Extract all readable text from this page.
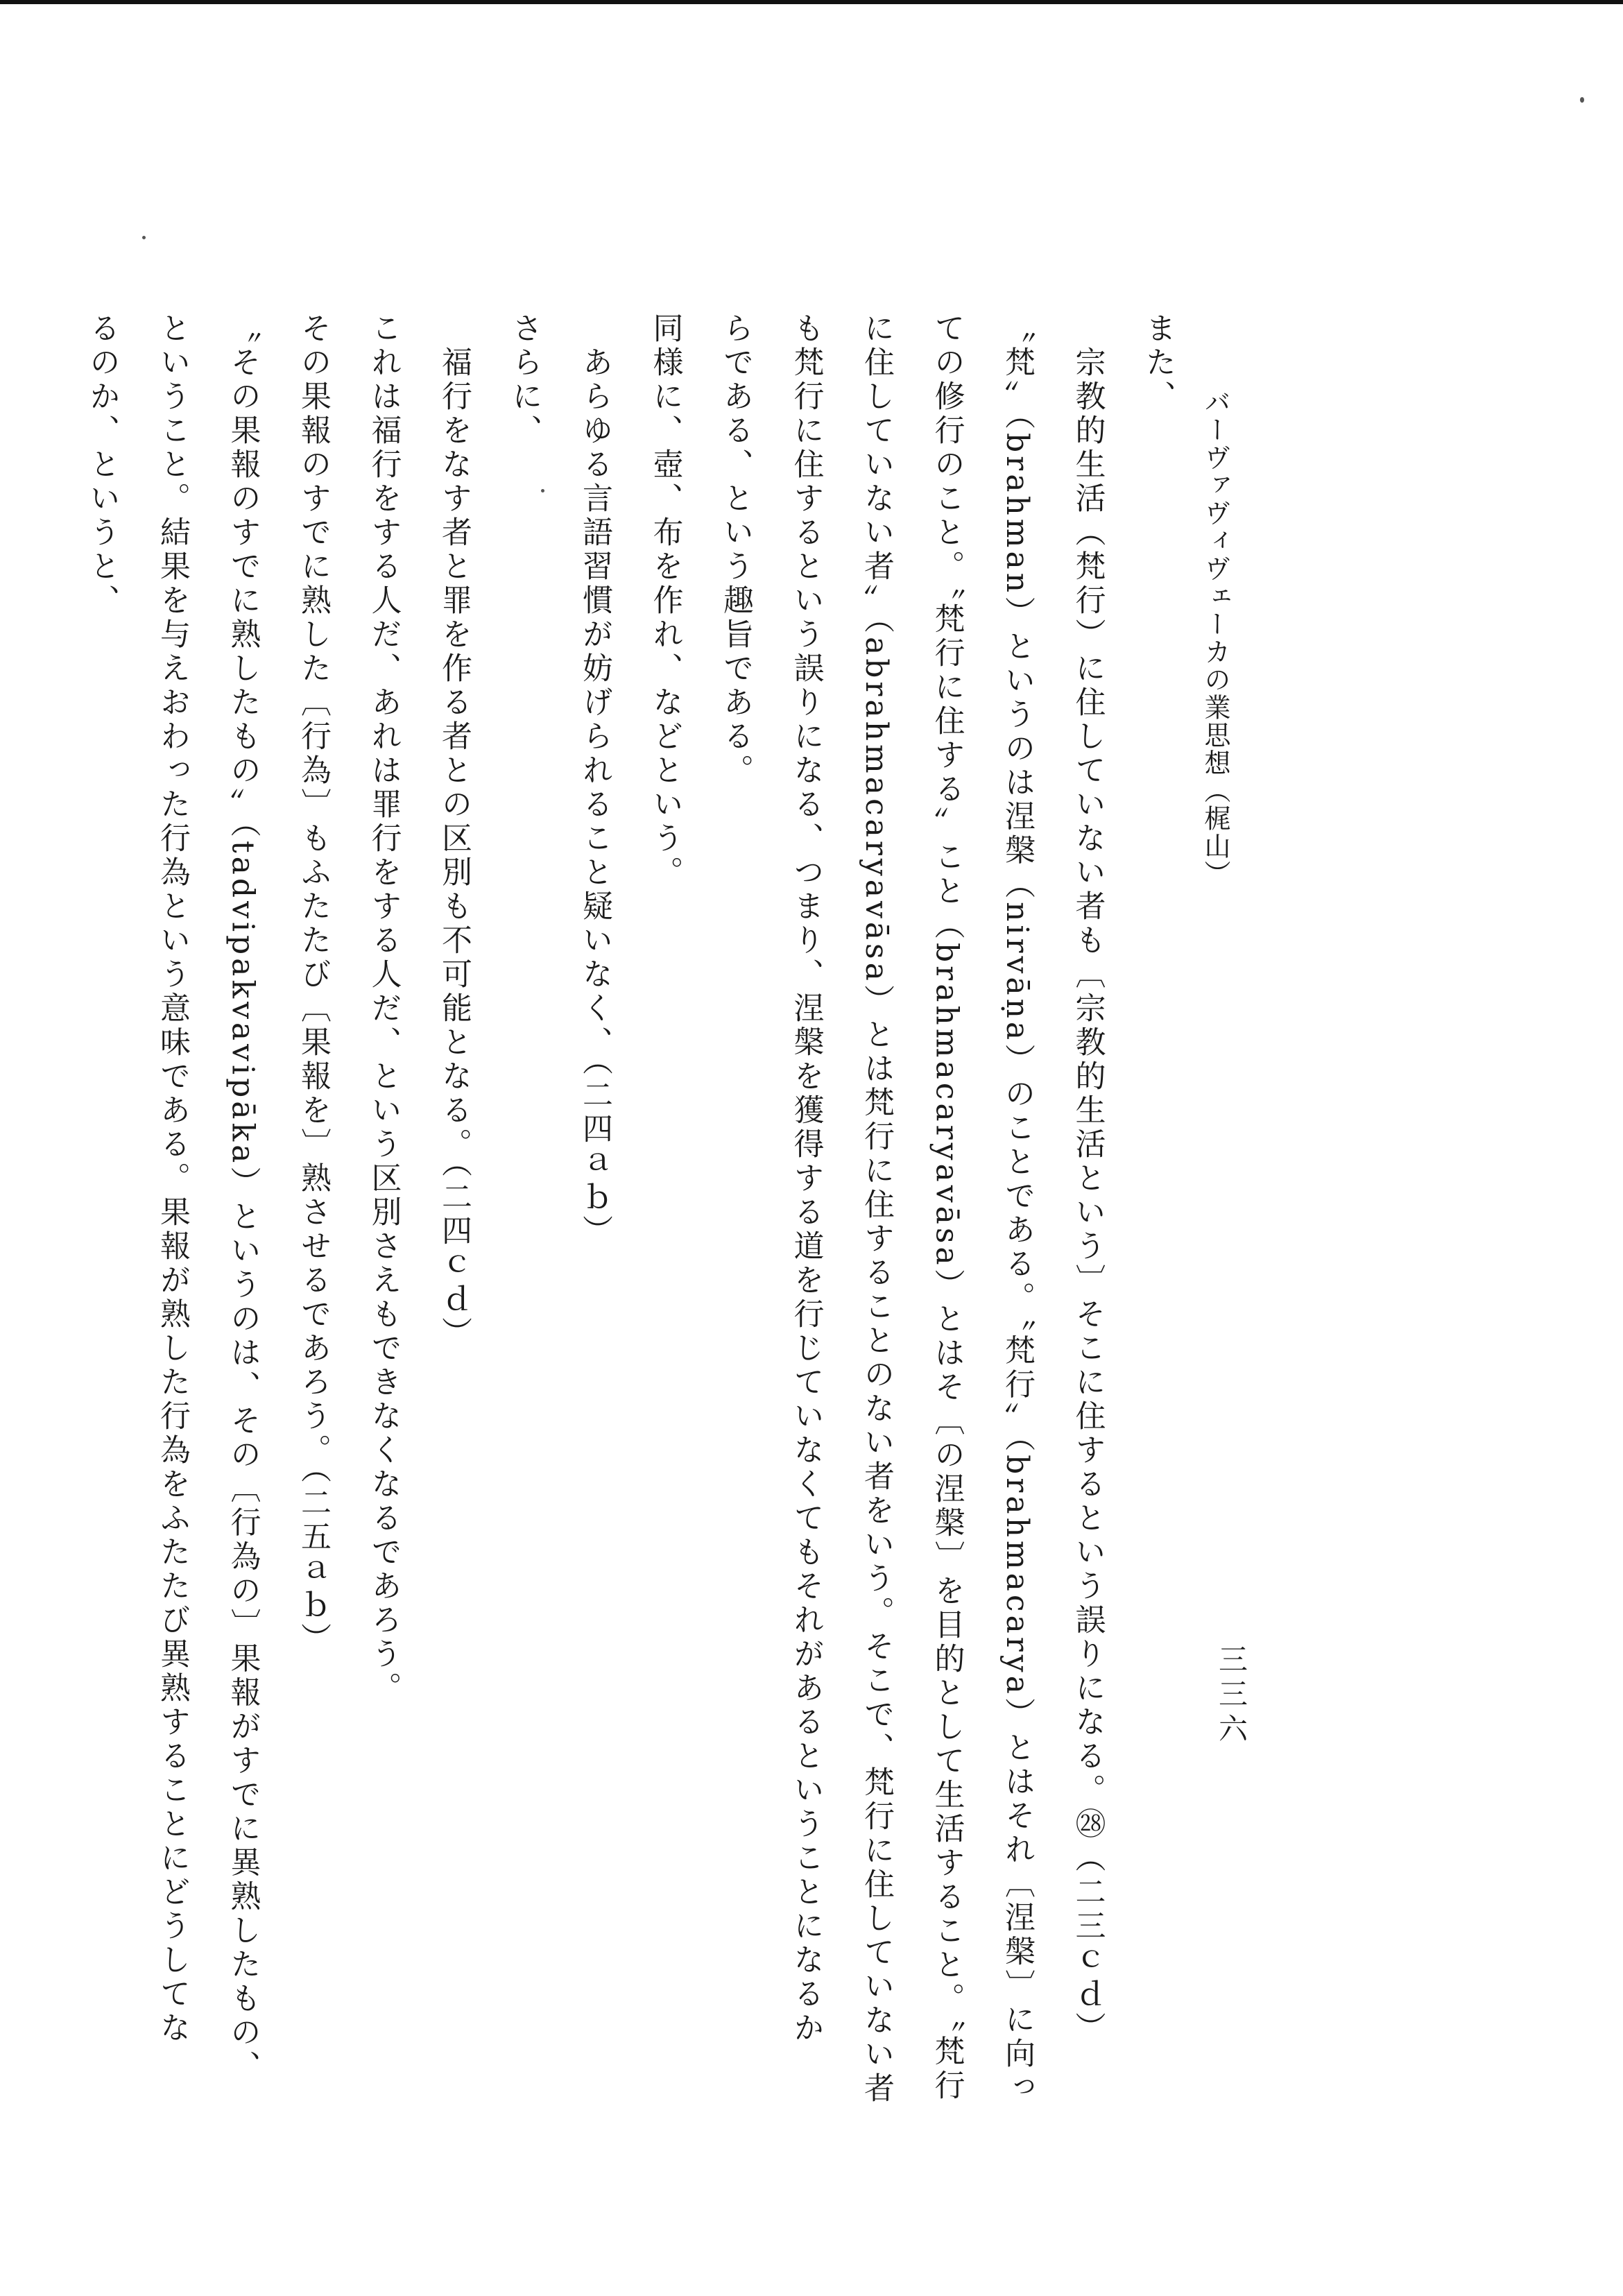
バーヴァヴィヴェーカの業思想（梶山）
三三六
また、
宗教的生活（梵行）に住していない者も〔宗教的生活という〕そこに住するという誤りになる。㉘（二三ｃｄ）
〝梵〟（brahman）というのは涅槃（nirvāṇa）のことである。〝梵行〟（brahmacarya）とはそれ〔涅槃〕に向っ
ての修行のこと。〝梵行に住する〟こと（brahmacaryavāsa）とはそ〔の涅槃〕を目的として生活すること。〝梵行
に住していない者〟（abrahmacaryavāsa）とは梵行に住することのない者をいう。そこで、梵行に住していない者
も梵行に住するという誤りになる、つまり、涅槃を獲得する道を行じていなくてもそれがあるということになるか
らである、という趣旨である。
同様に、壺、布を作れ、などという。
あらゆる言語習慣が妨げられること疑いなく、（二四ａｂ）
さらに、
福行をなす者と罪を作る者との区別も不可能となる。（二四ｃｄ）
これは福行をする人だ、あれは罪行をする人だ、という区別さえもできなくなるであろう。
その果報のすでに熟した〔行為〕もふたたび〔果報を〕熟させるであろう。（二五ａｂ）
〝その果報のすでに熟したもの〟（tadvipakvavipāka）というのは、その〔行為の〕果報がすでに異熟したもの、
ということ。結果を与えおわった行為という意味である。果報が熟した行為をふたたび異熟することにどうしてな
るのか、というと、
